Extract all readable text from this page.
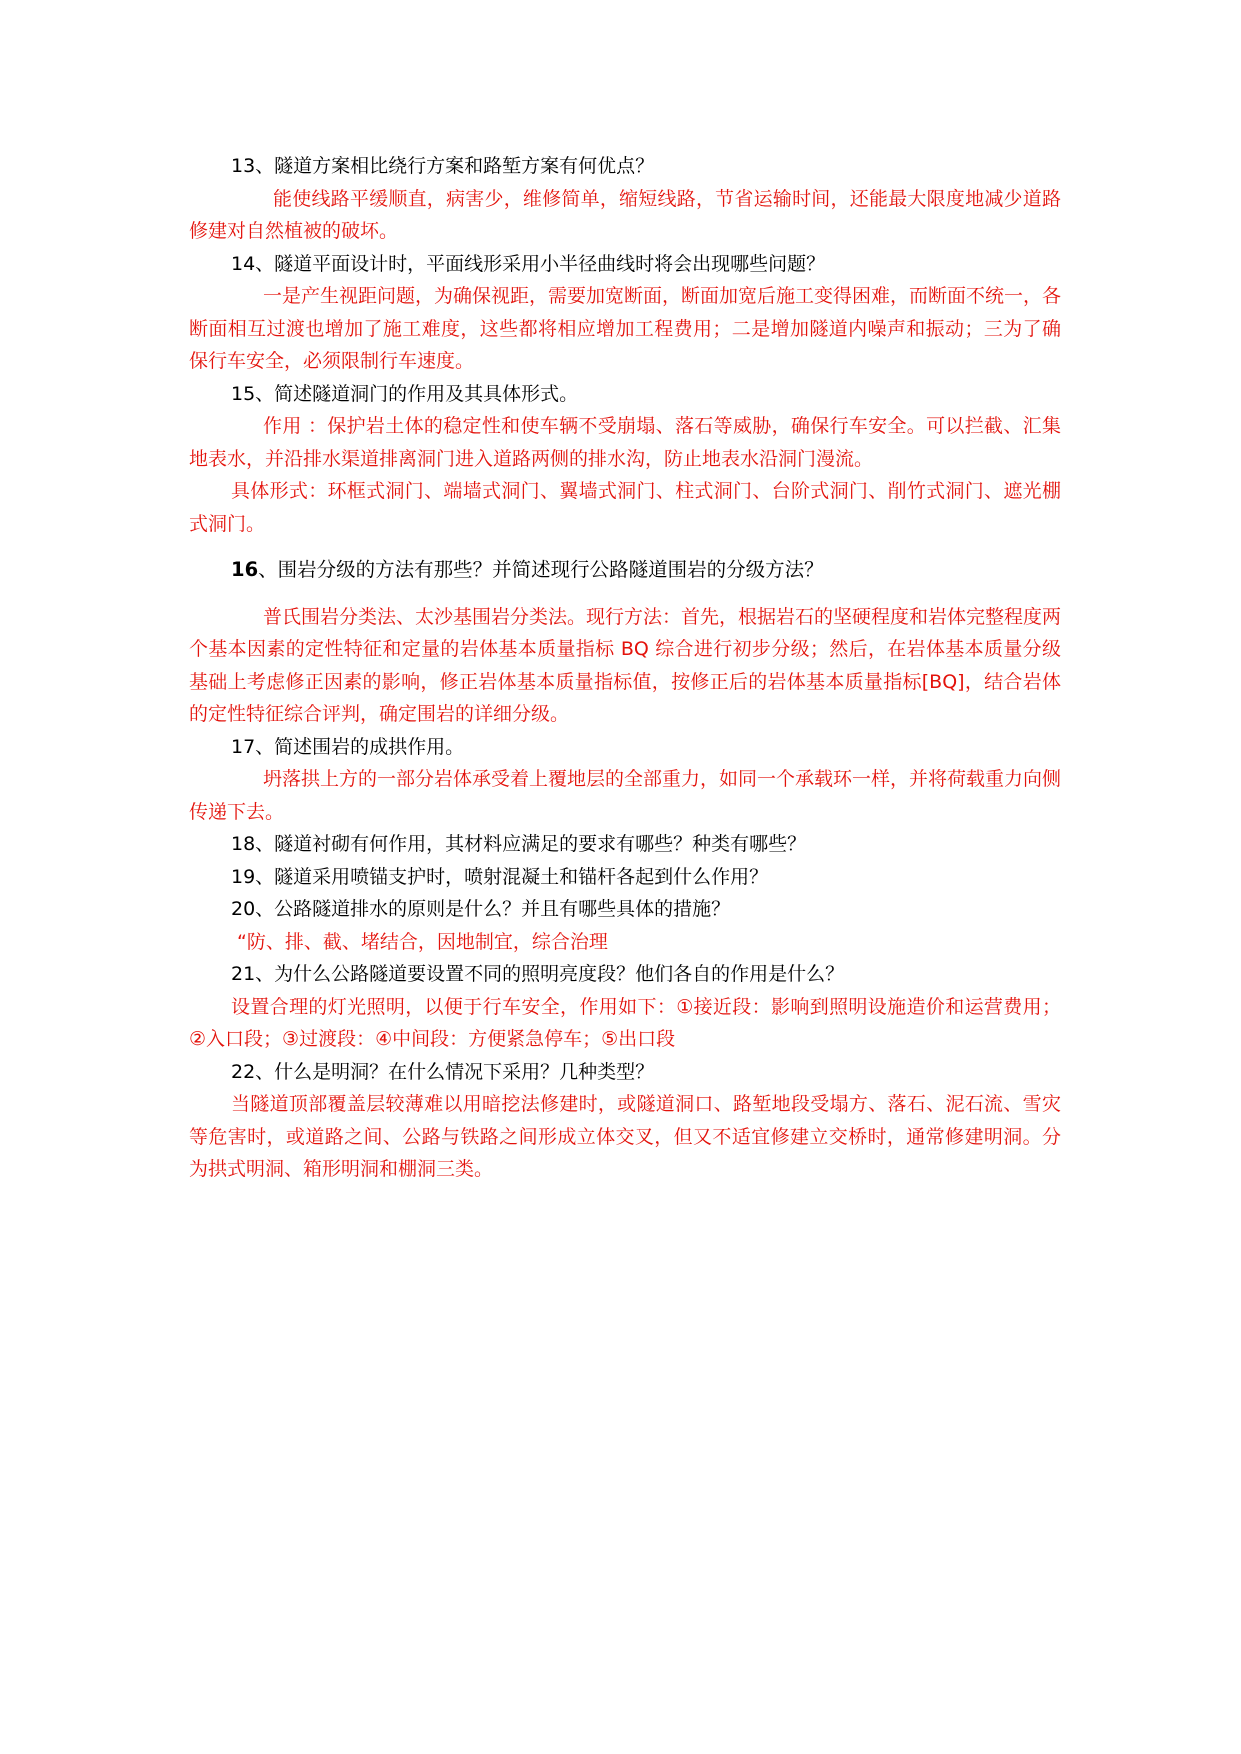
13、隧道方案相比绕行方案和路堑方案有何优点？

能使线路平缓顺直，病害少，维修简单，缩短线路，节省运输时间，还能最大限度地减少道路修建对自然植被的破坏。

14、隧道平面设计时，平面线形采用小半径曲线时将会出现哪些问题？

一是产生视距问题，为确保视距，需要加宽断面，断面加宽后施工变得困难，而断面不统一，各断面相互过渡也增加了施工难度，这些都将相应增加工程费用；二是增加隧道内噪声和振动；三为了确保行车安全，必须限制行车速度。

15、简述隧道洞门的作用及其具体形式。

作用 ：保护岩土体的稳定性和使车辆不受崩塌、落石等威胁，确保行车安全。可以拦截、汇集地表水，并沿排水渠道排离洞门进入道路两侧的排水沟，防止地表水沿洞门漫流。

具体形式：环框式洞门、端墙式洞门、翼墙式洞门、柱式洞门、台阶式洞门、削竹式洞门、遮光棚式洞门。

16、围岩分级的方法有那些？并简述现行公路隧道围岩的分级方法？

普氏围岩分类法、太沙基围岩分类法。现行方法：首先，根据岩石的坚硬程度和岩体完整程度两个基本因素的定性特征和定量的岩体基本质量指标 BQ 综合进行初步分级；然后，在岩体基本质量分级基础上考虑修正因素的影响，修正岩体基本质量指标值，按修正后的岩体基本质量指标[BQ]，结合岩体的定性特征综合评判，确定围岩的详细分级。

17、简述围岩的成拱作用。

坍落拱上方的一部分岩体承受着上覆地层的全部重力，如同一个承载环一样，并将荷载重力向侧传递下去。

18、隧道衬砌有何作用，其材料应满足的要求有哪些？种类有哪些？

19、隧道采用喷锚支护时，喷射混凝土和锚杆各起到什么作用？

20、公路隧道排水的原则是什么？并且有哪些具体的措施？

“防、排、截、堵结合，因地制宜，综合治理

21、为什么公路隧道要设置不同的照明亮度段？他们各自的作用是什么？

设置合理的灯光照明，以便于行车安全，作用如下：①接近段：影响到照明设施造价和运营费用；②入口段；③过渡段：④中间段：方便紧急停车；⑤出口段

22、什么是明洞？在什么情况下采用？几种类型？

当隧道顶部覆盖层较薄难以用暗挖法修建时，或隧道洞口、路堑地段受塌方、落石、泥石流、雪灾等危害时，或道路之间、公路与铁路之间形成立体交叉，但又不适宜修建立交桥时，通常修建明洞。分为拱式明洞、箱形明洞和棚洞三类。
